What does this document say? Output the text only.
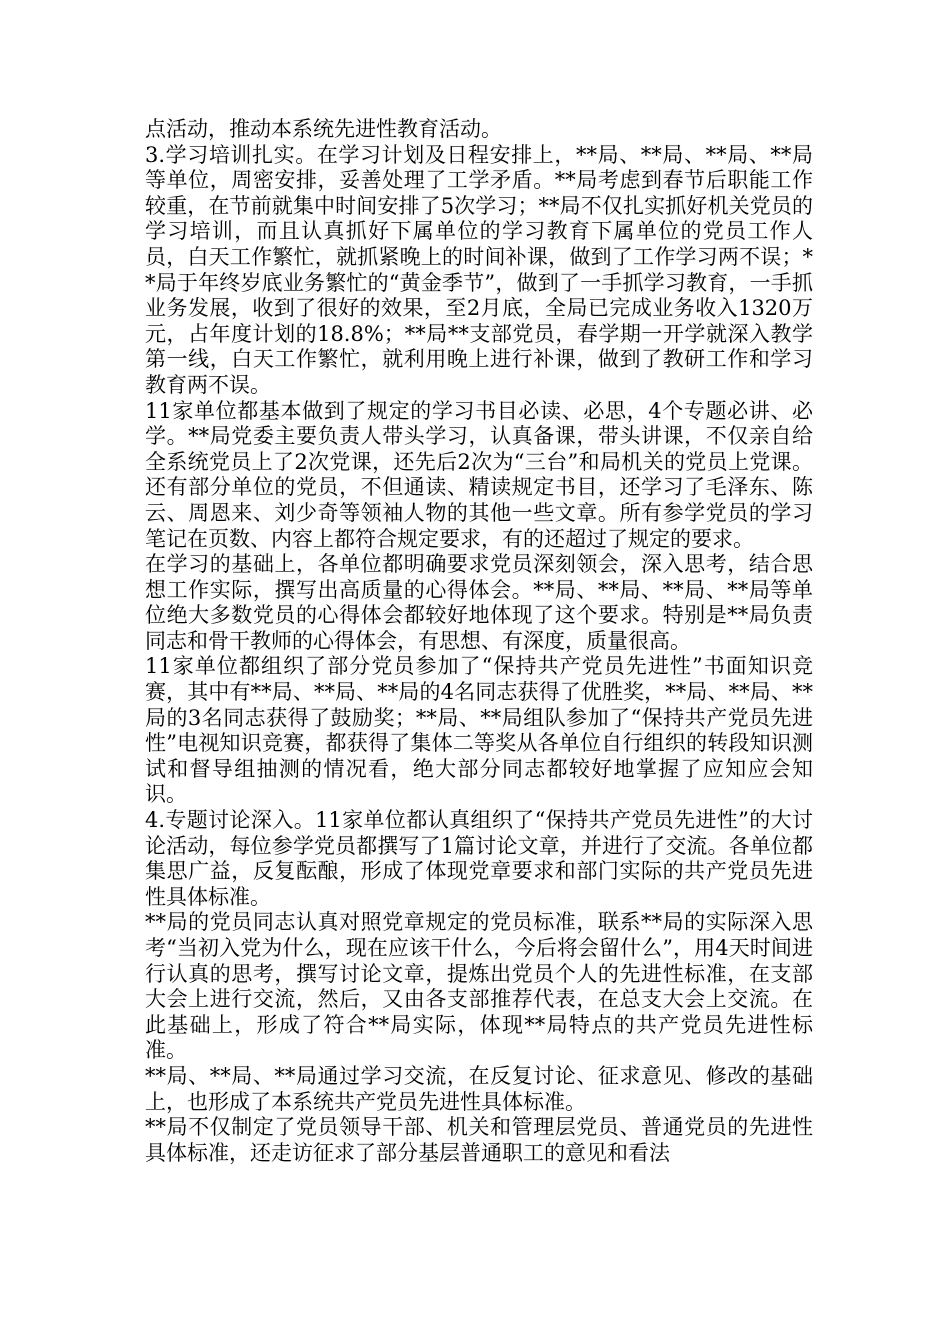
点活动，推动本系统先进性教育活动。

3.学习培训扎实。在学习计划及日程安排上，**局、**局、**局、**局等单位，周密安排，妥善处理了工学矛盾。**局考虑到春节后职能工作较重，在节前就集中时间安排了5次学习；**局不仅扎实抓好机关党员的学习培训，而且认真抓好下属单位的学习教育下属单位的党员工作人员，白天工作繁忙，就抓紧晚上的时间补课，做到了工作学习两不误；**局于年终岁底业务繁忙的“黄金季节”，做到了一手抓学习教育，一手抓业务发展，收到了很好的效果，至2月底，全局已完成业务收入1320万元，占年度计划的18.8%；**局**支部党员，春学期一开学就深入教学第一线，白天工作繁忙，就利用晚上进行补课，做到了教研工作和学习教育两不误。

11家单位都基本做到了规定的学习书目必读、必思，4个专题必讲、必学。**局党委主要负责人带头学习，认真备课，带头讲课，不仅亲自给全系统党员上了2次党课，还先后2次为“三台”和局机关的党员上党课。还有部分单位的党员，不但通读、精读规定书目，还学习了毛泽东、陈云、周恩来、刘少奇等领袖人物的其他一些文章。所有参学党员的学习笔记在页数、内容上都符合规定要求，有的还超过了规定的要求。

在学习的基础上，各单位都明确要求党员深刻领会，深入思考，结合思想工作实际，撰写出高质量的心得体会。**局、**局、**局、**局等单位绝大多数党员的心得体会都较好地体现了这个要求。特别是**局负责同志和骨干教师的心得体会，有思想、有深度，质量很高。

11家单位都组织了部分党员参加了“保持共产党员先进性”书面知识竞赛，其中有**局、**局、**局的4名同志获得了优胜奖，**局、**局、**局的3名同志获得了鼓励奖；**局、**局组队参加了“保持共产党员先进性”电视知识竞赛，都获得了集体二等奖从各单位自行组织的转段知识测试和督导组抽测的情况看，绝大部分同志都较好地掌握了应知应会知识。

4.专题讨论深入。11家单位都认真组织了“保持共产党员先进性”的大讨论活动，每位参学党员都撰写了1篇讨论文章，并进行了交流。各单位都集思广益，反复酝酿，形成了体现党章要求和部门实际的共产党员先进性具体标准。

**局的党员同志认真对照党章规定的党员标准，联系**局的实际深入思考“当初入党为什么，现在应该干什么，今后将会留什么”，用4天时间进行认真的思考，撰写讨论文章，提炼出党员个人的先进性标准，在支部大会上进行交流，然后，又由各支部推荐代表，在总支大会上交流。在此基础上，形成了符合**局实际，体现**局特点的共产党员先进性标准。

**局、**局、**局通过学习交流，在反复讨论、征求意见、修改的基础上，也形成了本系统共产党员先进性具体标准。

**局不仅制定了党员领导干部、机关和管理层党员、普通党员的先进性具体标准，还走访征求了部分基层普通职工的意见和看法
